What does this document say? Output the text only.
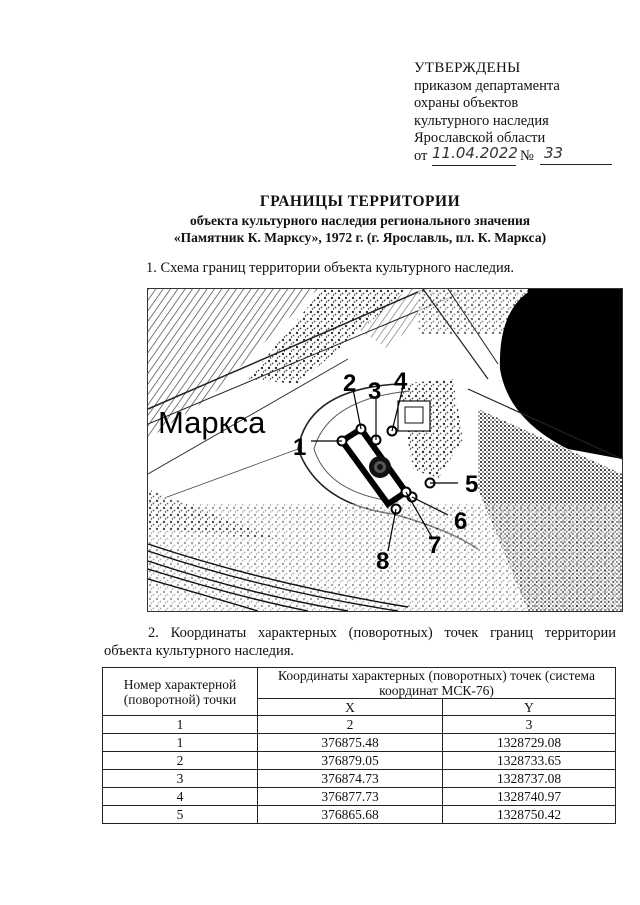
УТВЕРЖДЕНЫ
приказом департамента
охраны объектов
культурного наследия
Ярославской области
от 11.04.2022 № 33
ГРАНИЦЫ ТЕРРИТОРИИ
объекта культурного наследия регионального значения
«Памятник К. Марксу», 1972 г. (г. Ярославль, пл. К. Маркса)
1. Схема границ территории объекта культурного наследия.
Маркса
1
2 3 4
5
6
7
8
2. Координаты характерных (поворотных) точек границ территории
объекта культурного наследия.
Номер характерной (поворотной) точки	Координаты характерных (поворотных) точек (система координат МСК-76)	
	X	Y
1	2	3
1	376875.48	1328729.08
2	376879.05	1328733.65
3	376874.73	1328737.08
4	376877.73	1328740.97
5	376865.68	1328750.42
